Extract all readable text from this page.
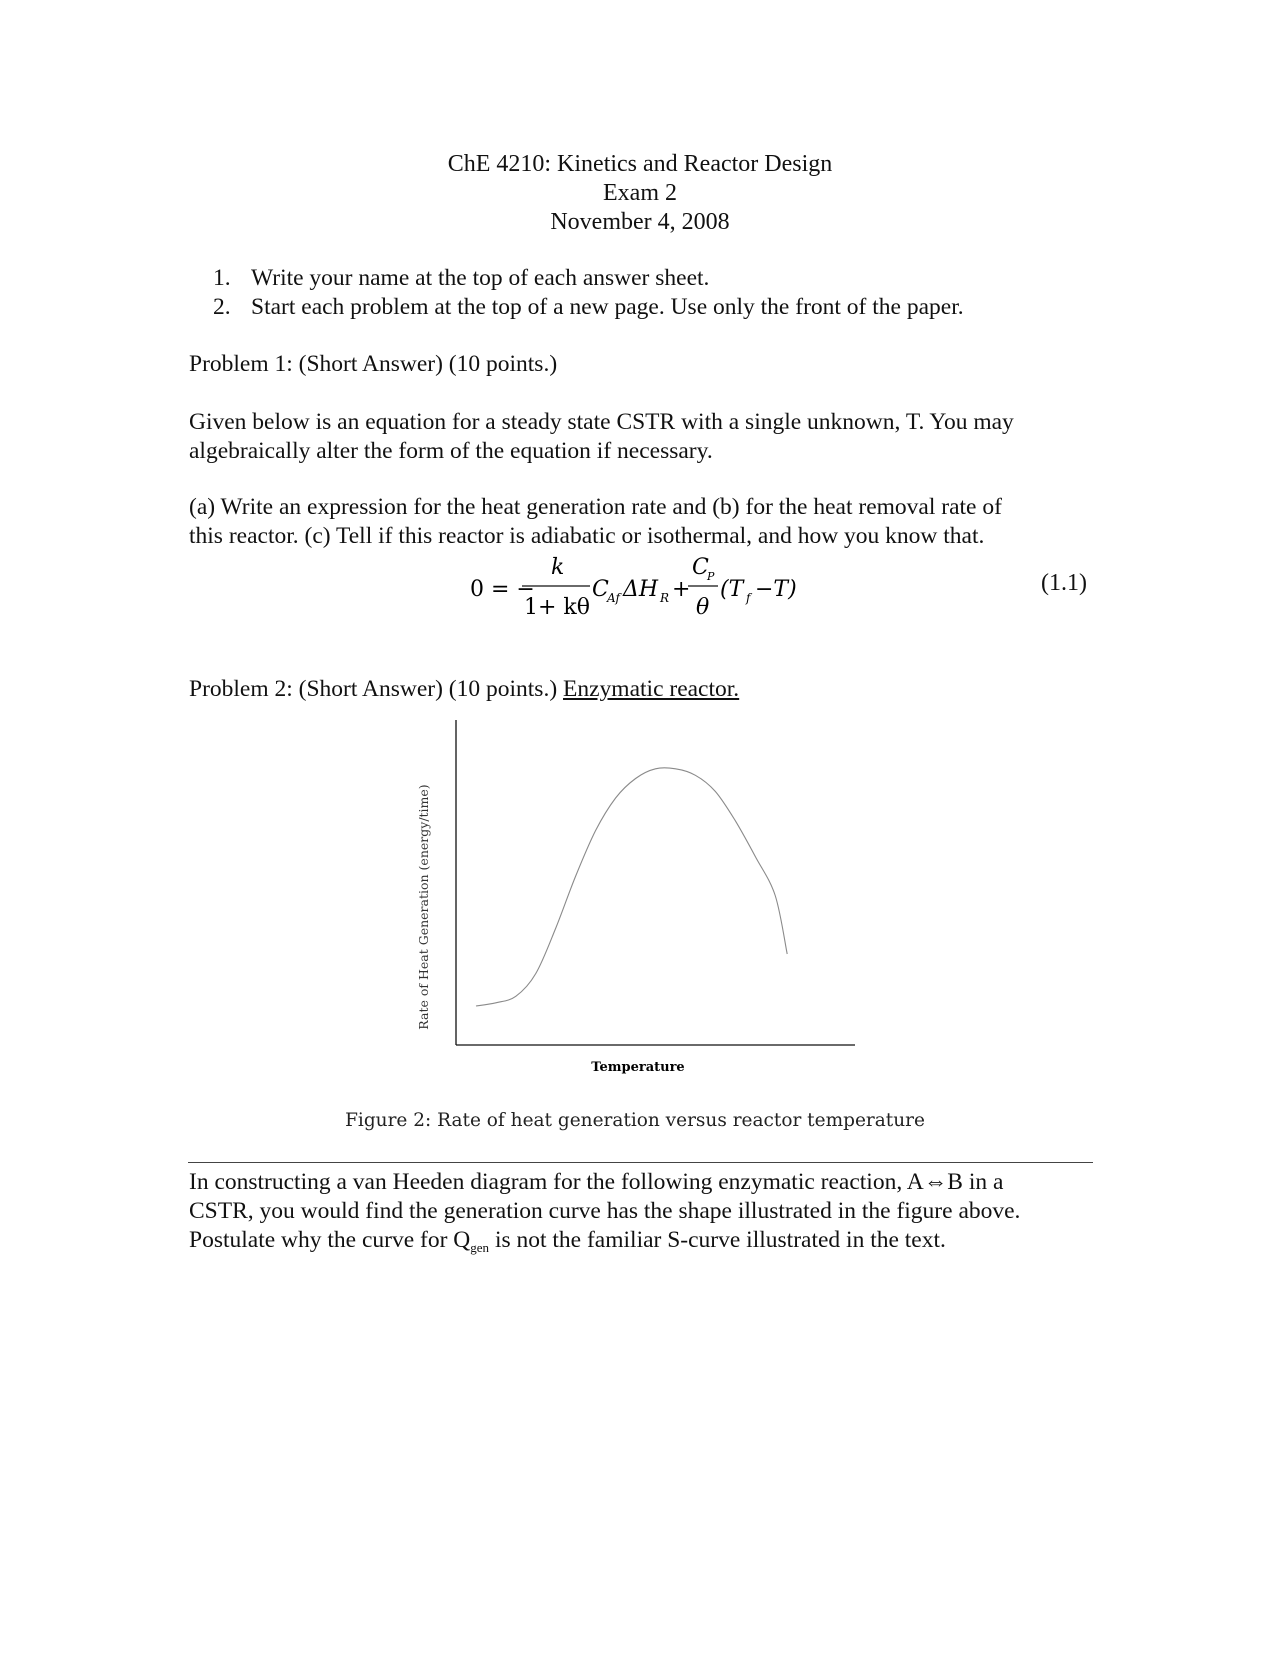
ChE 4210: Kinetics and Reactor Design
Exam 2
November 4, 2008
1. Write your name at the top of each answer sheet.
2. Start each problem at the top of a new page. Use only the front of the paper.
Problem 1: (Short Answer) (10 points.)
Given below is an equation for a steady state CSTR with a single unknown, T. You may
algebraically alter the form of the equation if necessary.
(a) Write an expression for the heat generation rate and (b) for the heat removal rate of
this reactor. (c) Tell if this reactor is adiabatic or isothermal, and how you know that.
0 = −
k
1+ kθ
C
Af ΔH R +
C
P
θ
(T f −T)	(1.1)
Problem 2: (Short Answer) (10 points.) Enzymatic reactor.
Temperature
Rate of Heat Generation (energy/time)
Figure 2: Rate of heat generation versus reactor temperature
In constructing a van Heeden diagram for the following enzymatic reaction, A⇔B in a
CSTR, you would find the generation curve has the shape illustrated in the figure above.
Postulate why the curve for $Q_{gen}$ is not the familiar S-curve illustrated in the text.
